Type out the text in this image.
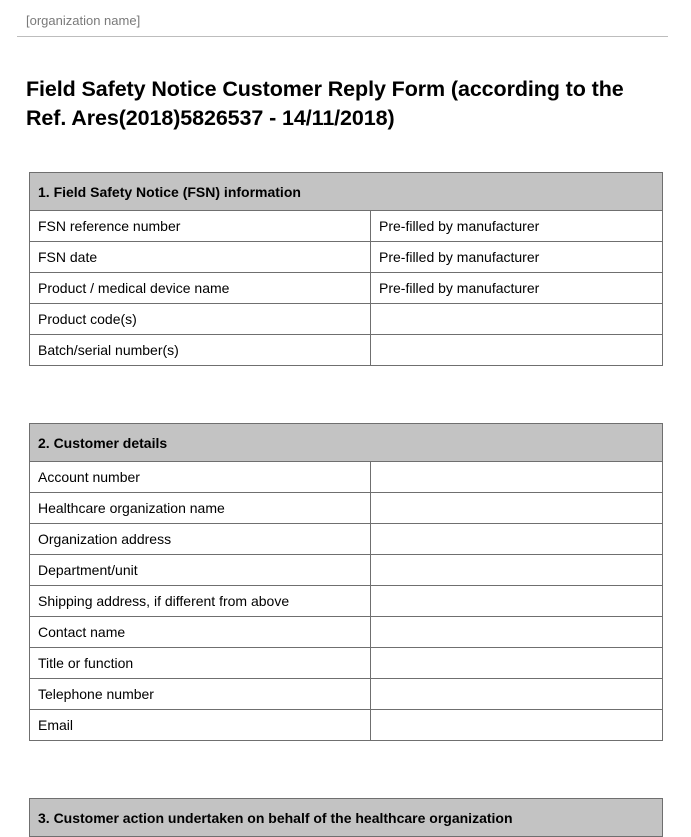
[organization name]
Field Safety Notice Customer Reply Form (according to the Ref. Ares(2018)5826537 - 14/11/2018)
1. Field Safety Notice (FSN) information	
FSN reference number	Pre-filled by manufacturer
FSN date	Pre-filled by manufacturer
Product / medical device name	Pre-filled by manufacturer
Product code(s)	
Batch/serial number(s)	
2. Customer details	
Account number	
Healthcare organization name	
Organization address	
Department/unit	
Shipping address, if different from above	
Contact name	
Title or function	
Telephone number	
Email	
3. Customer action undertaken on behalf of the healthcare organization
